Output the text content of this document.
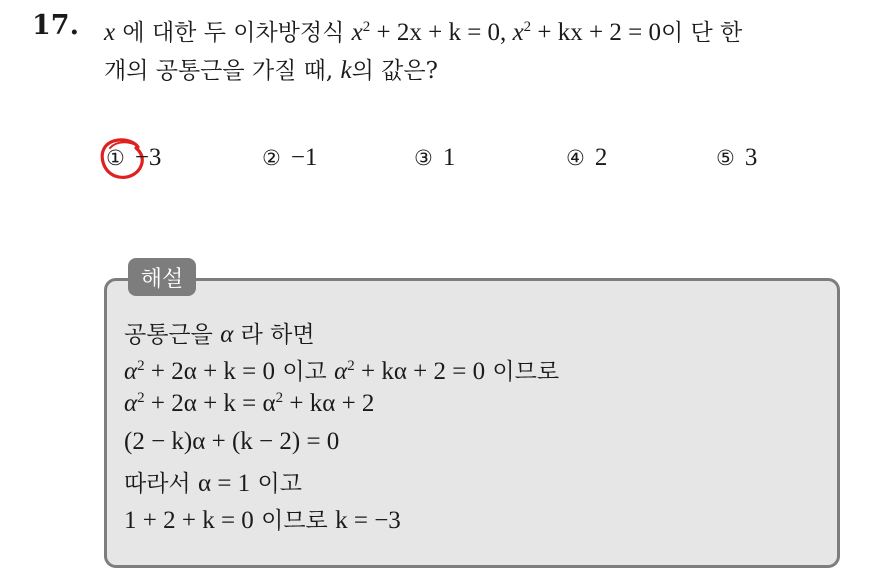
17. x 에 대한 두 이차방정식 $x^2 + 2x + k = 0$, $x^2$ + kx + 2 = 0이 단 한
개의 공통근을 가질 때, k의 값은?
① −3	② −1	③ 1	④ 2	⑤ 3
해설
공통근을 α 라 하면
$\alpha^2 + 2\alpha + k = 0$ 이고 $\alpha^2 + k\alpha + 2 = 0$ 이므로
$\alpha^2 + 2\alpha + k = \alpha^2 + k\alpha + 2$
(2 − k)α + (k − 2) = 0
따라서 α = 1 이고
1 + 2 + k = 0 이므로 k = −3
